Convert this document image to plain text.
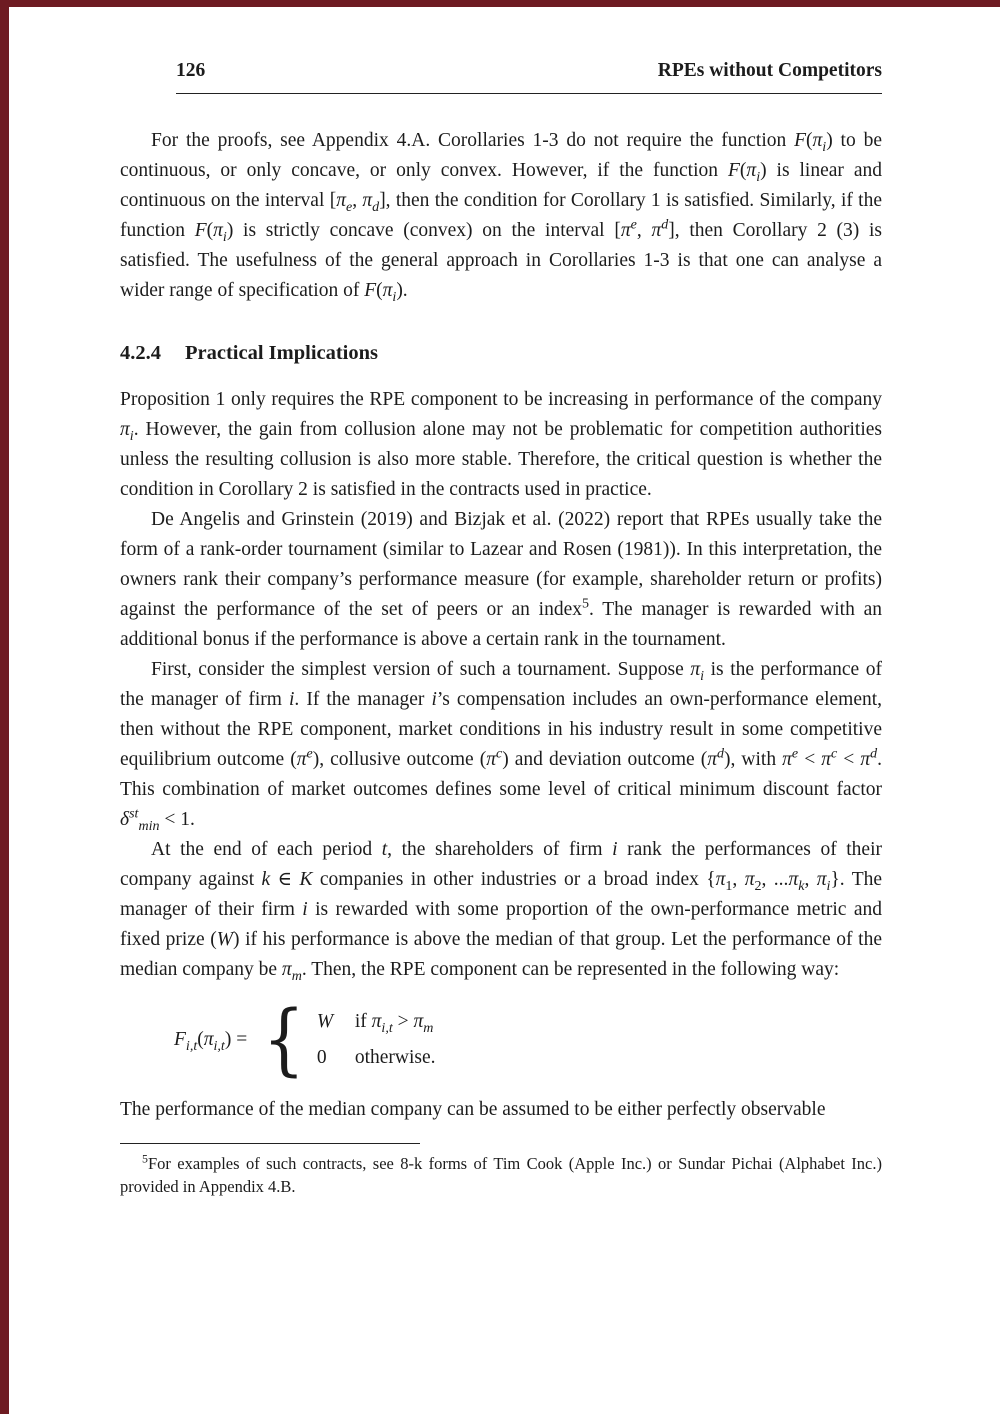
126	RPEs without Competitors

For the proofs, see Appendix 4.A. Corollaries 1-3 do not require the function $F(\pi_i)$ to be continuous, or only concave, or only convex. However, if the function $F(\pi_i)$ is linear and continuous on the interval [$\pi_e$, $\pi_d$], then the condition for Corollary 1 is satisfied. Similarly, if the function $F(\pi_i)$ is strictly concave (convex) on the interval [$\pi^e$, $\pi^d$], then Corollary 2 (3) is satisfied. The usefulness of the general approach in Corollaries 1-3 is that one can analyse a wider range of specification of $F(\pi_i)$.

4.2.4 Practical Implications

Proposition 1 only requires the RPE component to be increasing in performance of the company $\pi_i$. However, the gain from collusion alone may not be problematic for competition authorities unless the resulting collusion is also more stable. Therefore, the critical question is whether the condition in Corollary 2 is satisfied in the contracts used in practice.

De Angelis and Grinstein (2019) and Bizjak et al. (2022) report that RPEs usually take the form of a rank-order tournament (similar to Lazear and Rosen (1981)). In this interpretation, the owners rank their company’s performance measure (for example, shareholder return or profits) against the performance of the set of peers or an index$^5$. The manager is rewarded with an additional bonus if the performance is above a certain rank in the tournament.

First, consider the simplest version of such a tournament. Suppose $\pi_i$ is the performance of the manager of firm i. If the manager i’s compensation includes an own-performance element, then without the RPE component, market conditions in his industry result in some competitive equilibrium outcome $(\pi^e)$, collusive outcome $(\pi^c)$ and deviation outcome $(\pi^d)$, with $\pi^e < \pi^c < \pi^d$. This combination of market outcomes defines some level of critical minimum discount factor $\delta^{st}_{min} < 1$.

At the end of each period t, the shareholders of firm i rank the performances of their company against k ∈ K companies in other industries or a broad index {$\pi_1$, $\pi_2$, $...\pi_k$, $\pi_i$}. The manager of their firm i is rewarded with some proportion of the own-performance metric and fixed prize (W) if his performance is above the median of that group. Let the performance of the median company be $\pi_m$. Then, the RPE component can be represented in the following way:

$F_{i,t}(\pi_{i,t})$ = { W	if $\pi_{i,t} > \pi_m$
0	otherwise.

The performance of the median company can be assumed to be either perfectly observable

$^5$For examples of such contracts, see 8-k forms of Tim Cook (Apple Inc.) or Sundar Pichai (Alphabet Inc.) provided in Appendix 4.B.
